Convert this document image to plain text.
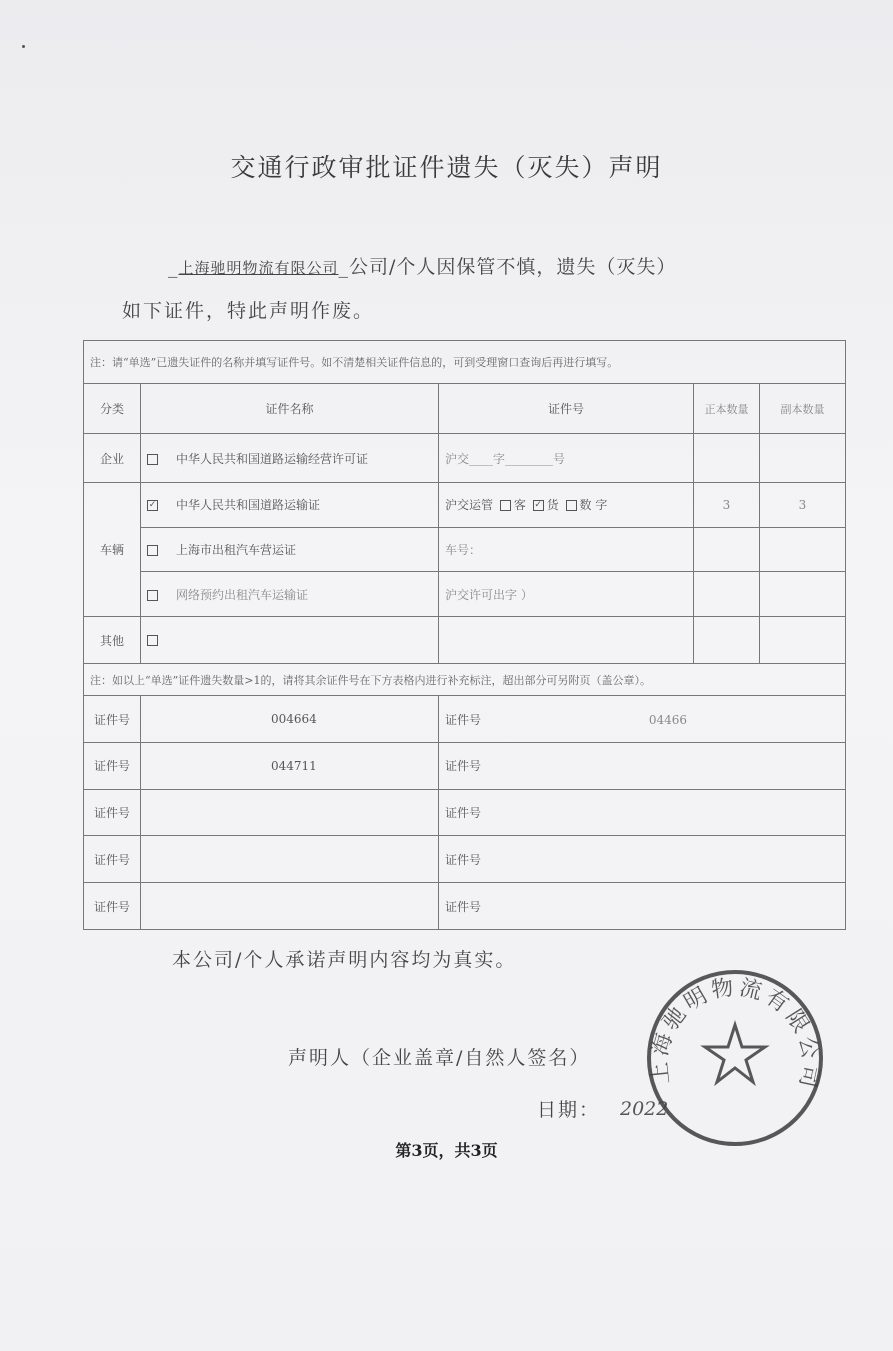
交通行政审批证件遗失（灭失）声明
_上海驰明物流有限公司_公司/个人因保管不慎，遗失（灭失）
如下证件，特此声明作废。
注：请“单选”已遗失证件的名称并填写证件号。如不清楚相关证件信息的，可到受理窗口查询后再进行填写。				
分类	证件名称	证件号	正本数量	副本数量
企业	中华人民共和国道路运输经营许可证	沪交____字________号		
车辆	✓ 中华人民共和国道路运输证	沪交运管 客 ✓ 货 数 字	3	3
	上海市出租汽车营运证	车号：		
	网络预约出租汽车运输证	沪交许可出字 ）		
其他				
注：如以上“单选”证件遗失数量>1的，请将其余证件号在下方表格内进行补充标注，超出部分可另附页（盖公章）。				
证件号	004664	证件号 04466		
证件号	044711	证件号		
证件号		证件号		
证件号		证件号		
证件号		证件号		
本公司/个人承诺声明内容均为真实。
声明人（企业盖章/自然人签名）
日期： 2022
上海驰明物流有限公司
第3页，共3页
